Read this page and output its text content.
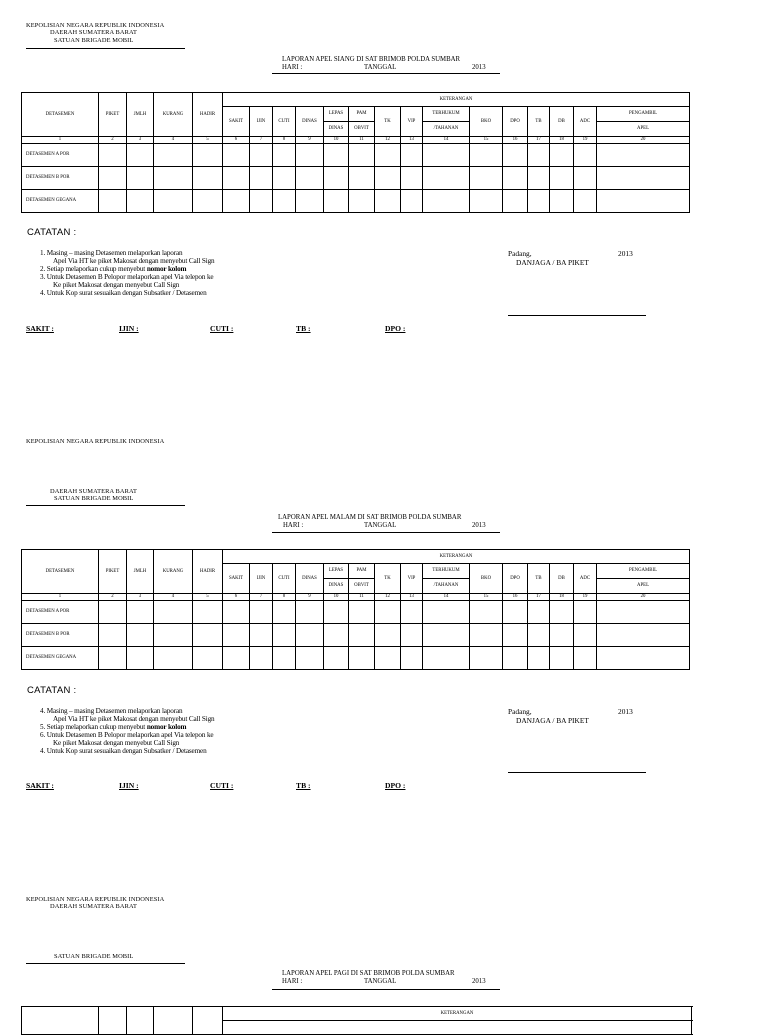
KEPOLISIAN NEGARA REPUBLIK INDONESIA
DAERAH SUMATERA BARAT
SATUAN BRIGADE MOBIL
LAPORAN APEL SIANG DI SAT BRIMOB POLDA SUMBAR
HARI :	TANGGAL	2013
DETASEMEN	PIKET	JMLH	KURANG	HADIR	KETERANGAN														
					SAKIT	IJIN	CUTI	DINAS	LEPAS	PAM	TK	VIP	TERHUKUM	BKO	DPO	TB	DB	ADC	PENGAMBIL
									DINAS	OBVIT			/TAHANAN						APEL
1	2	3	4	5	6	7	8	9	10	11	12	13	14	15	16	17	18	19	20
DETASEMEN A POR																			
DETASEMEN B POR																			
DETASEMEN GEGANA																			
CATATAN :
1. Masing – masing Detasemen melaporkan laporan
Apel Via HT ke piket Makosat dengan menyebut Call Sign
2. Setiap melaporkan cukup menyebut nomor kolom
3. Untuk Detasemen B Pelopor melaporkan apel Via telepon ke
Ke piket Makosat dengan menyebut Call Sign
4. Untuk Kop surat sesuaikan dengan Subsatker / Detasemen
Padang,	2013
DANJAGA / BA PIKET
SAKIT :	IJIN :	CUTI :	TB :	DPO :
KEPOLISIAN NEGARA REPUBLIK INDONESIA
DAERAH SUMATERA BARAT
SATUAN BRIGADE MOBIL
LAPORAN APEL MALAM DI SAT BRIMOB POLDA SUMBAR
HARI :	TANGGAL	2013
DETASEMEN	PIKET	JMLH	KURANG	HADIR	KETERANGAN														
					SAKIT	IJIN	CUTI	DINAS	LEPAS	PAM	TK	VIP	TERHUKUM	BKO	DPO	TB	DB	ADC	PENGAMBIL
									DINAS	OBVIT			/TAHANAN						APEL
1	2	3	4	5	6	7	8	9	10	11	12	13	14	15	16	17	18	19	20
DETASEMEN A POR																			
DETASEMEN B POR																			
DETASEMEN GEGANA																			
CATATAN :
4. Masing – masing Detasemen melaporkan laporan
Apel Via HT ke piket Makosat dengan menyebut Call Sign
5. Setiap melaporkan cukup menyebut nomor kolom
6. Untuk Detasemen B Pelopor melaporkan apel Via telepon ke
Ke piket Makosat dengan menyebut Call Sign
4. Untuk Kop surat sesuaikan dengan Subsatker / Detasemen
Padang,	2013
DANJAGA / BA PIKET
SAKIT :	IJIN :	CUTI :	TB :	DPO :
KEPOLISIAN NEGARA REPUBLIK INDONESIA
DAERAH SUMATERA BARAT
SATUAN BRIGADE MOBIL
LAPORAN APEL PAGI DI SAT BRIMOB POLDA SUMBAR
HARI :	TANGGAL	2013
					KETERANGAN
